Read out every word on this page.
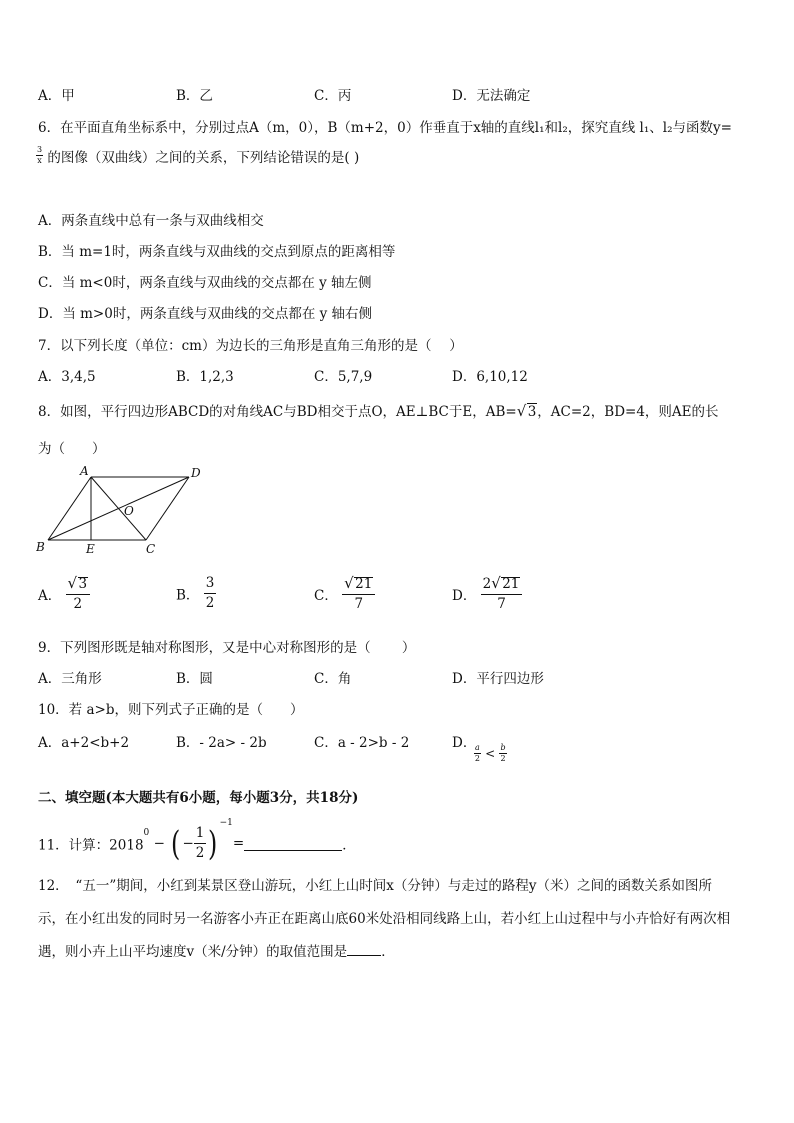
A．甲	B．乙	C．丙	D．无法确定
6．在平面直角坐标系中，分别过点A（m，0），B（m+2，0）作垂直于x轴的直线l₁和l₂，探究直线 l₁、l₂与函数y=
$\frac{3}{x}$ 的图像（双曲线）之间的关系，下列结论错误的是( )
A．两条直线中总有一条与双曲线相交
B．当 m=1时，两条直线与双曲线的交点到原点的距离相等
C．当 m<0时，两条直线与双曲线的交点都在 y 轴左侧
D．当 m>0时，两条直线与双曲线的交点都在 y 轴右侧
7．以下列长度（单位：cm）为边长的三角形是直角三角形的是（　 ）
A．3,4,5	B．1,2,3	C．5,7,9	D．6,10,12
8．如图，平行四边形ABCD的对角线AC与BD相交于点O，AE⊥BC于E，AB= √ 3，AC=2，BD=4，则AE的长
为（　　）
A	D
O
B	E	C
A． $\frac{√ 3}{2}$	B． $\frac{3}{2}$	C． $\frac{√ 21}{7}$	D． $\frac{2 √ 21}{7}$
9．下列图形既是轴对称图形，又是中心对称图形的是（　　 ）
A．三角形	B．圆	C．角	D．平行四边形
10．若 a>b，则下列式子正确的是（　　）
A．a+2<b+2	B．- 2a> - 2b	C．a - 2>b - 2	D．
$\frac{a}{2} < \frac{b}{2}$
二、填空题(本大题共有6小题，每小题3分，共18分)
11．计算：$2018^0$ − ( − $\frac{1}{2} )^{-1}=$	．
12．　“五一”期间，小红到某景区登山游玩，小红上山时间x（分钟）与走过的路程y（米）之间的函数关系如图所
示，在小红出发的同时另一名游客小卉正在距离山底60米处沿相同线路上山，若小红上山过程中与小卉恰好有两次相
遇，则小卉上山平均速度v（米/分钟）的取值范围是	．
